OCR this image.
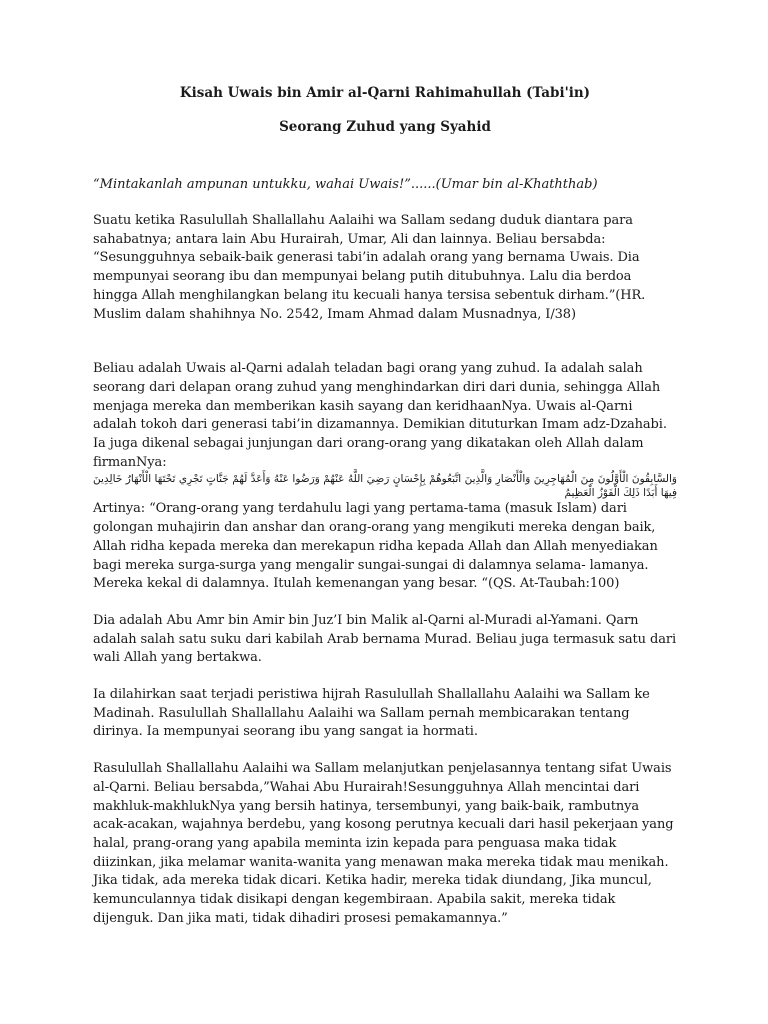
Kisah Uwais bin Amir al-Qarni Rahimahullah (Tabi'in)

Seorang Zuhud yang Syahid

“Mintakanlah ampunan untukku, wahai Uwais!”......(Umar bin al-Khaththab)

Suatu ketika Rasulullah Shallallahu Aalaihi wa Sallam sedang duduk diantara para sahabatnya; antara lain Abu Hurairah, Umar, Ali dan lainnya. Beliau bersabda:
“Sesungguhnya sebaik-baik generasi tabi’in adalah orang yang bernama Uwais. Dia mempunyai seorang ibu dan mempunyai belang putih ditubuhnya. Lalu dia berdoa hingga Allah menghilangkan belang itu kecuali hanya tersisa sebentuk dirham.”(HR. Muslim dalam shahihnya No. 2542, Imam Ahmad dalam Musnadnya, I/38)

Beliau adalah Uwais al-Qarni adalah teladan bagi orang yang zuhud. Ia adalah salah seorang dari delapan orang zuhud yang menghindarkan diri dari dunia, sehingga Allah menjaga mereka dan memberikan kasih sayang dan keridhaanNya. Uwais al-Qarni adalah tokoh dari generasi tabi’in dizamannya. Demikian dituturkan Imam adz-Dzahabi. Ia juga dikenal sebagai junjungan dari orang-orang yang dikatakan oleh Allah dalam firmanNya:

وَالسَّابِقُونَ الْأَوَّلُونَ مِنَ الْمُهَاجِرِينَ وَالْأَنْصَارِ وَالَّذِينَ اتَّبَعُوهُمْ بِإِحْسَانٍ رَضِيَ اللَّهُ عَنْهُمْ وَرَضُوا عَنْهُ وَأَعَدَّ لَهُمْ جَنَّاتٍ تَجْرِي تَحْتَهَا الْأَنْهَارُ خَالِدِينَ فِيهَا أَبَدًا ذَلِكَ الْفَوْزُ الْعَظِيمُ

Artinya: “Orang-orang yang terdahulu lagi yang pertama-tama (masuk Islam) dari golongan muhajirin dan anshar dan orang-orang yang mengikuti mereka dengan baik, Allah ridha kepada mereka dan merekapun ridha kepada Allah dan Allah menyediakan bagi mereka surga-surga yang mengalir sungai-sungai di dalamnya selama- lamanya. Mereka kekal di dalamnya. Itulah kemenangan yang besar. “(QS. At-Taubah:100)

Dia adalah Abu Amr bin Amir bin Juz’I bin Malik al-Qarni al-Muradi al-Yamani. Qarn adalah salah satu suku dari kabilah Arab bernama Murad. Beliau juga termasuk satu dari wali Allah yang bertakwa.

Ia dilahirkan saat terjadi peristiwa hijrah Rasulullah Shallallahu Aalaihi wa Sallam ke Madinah. Rasulullah Shallallahu Aalaihi wa Sallam pernah membicarakan tentang dirinya. Ia mempunyai seorang ibu yang sangat ia hormati.

Rasulullah Shallallahu Aalaihi wa Sallam melanjutkan penjelasannya tentang sifat Uwais al-Qarni. Beliau bersabda,”Wahai Abu Hurairah!Sesungguhnya Allah mencintai dari makhluk-makhlukNya yang bersih hatinya, tersembunyi, yang baik-baik, rambutnya acak-acakan, wajahnya berdebu, yang kosong perutnya kecuali dari hasil pekerjaan yang halal, prang-orang yang apabila meminta izin kepada para penguasa maka tidak diizinkan, jika melamar wanita-wanita yang menawan maka mereka tidak mau menikah. Jika tidak, ada mereka tidak dicari. Ketika hadir, mereka tidak diundang, Jika muncul, kemunculannya tidak disikapi dengan kegembiraan. Apabila sakit, mereka tidak dijenguk. Dan jika mati, tidak dihadiri prosesi pemakamannya.”
